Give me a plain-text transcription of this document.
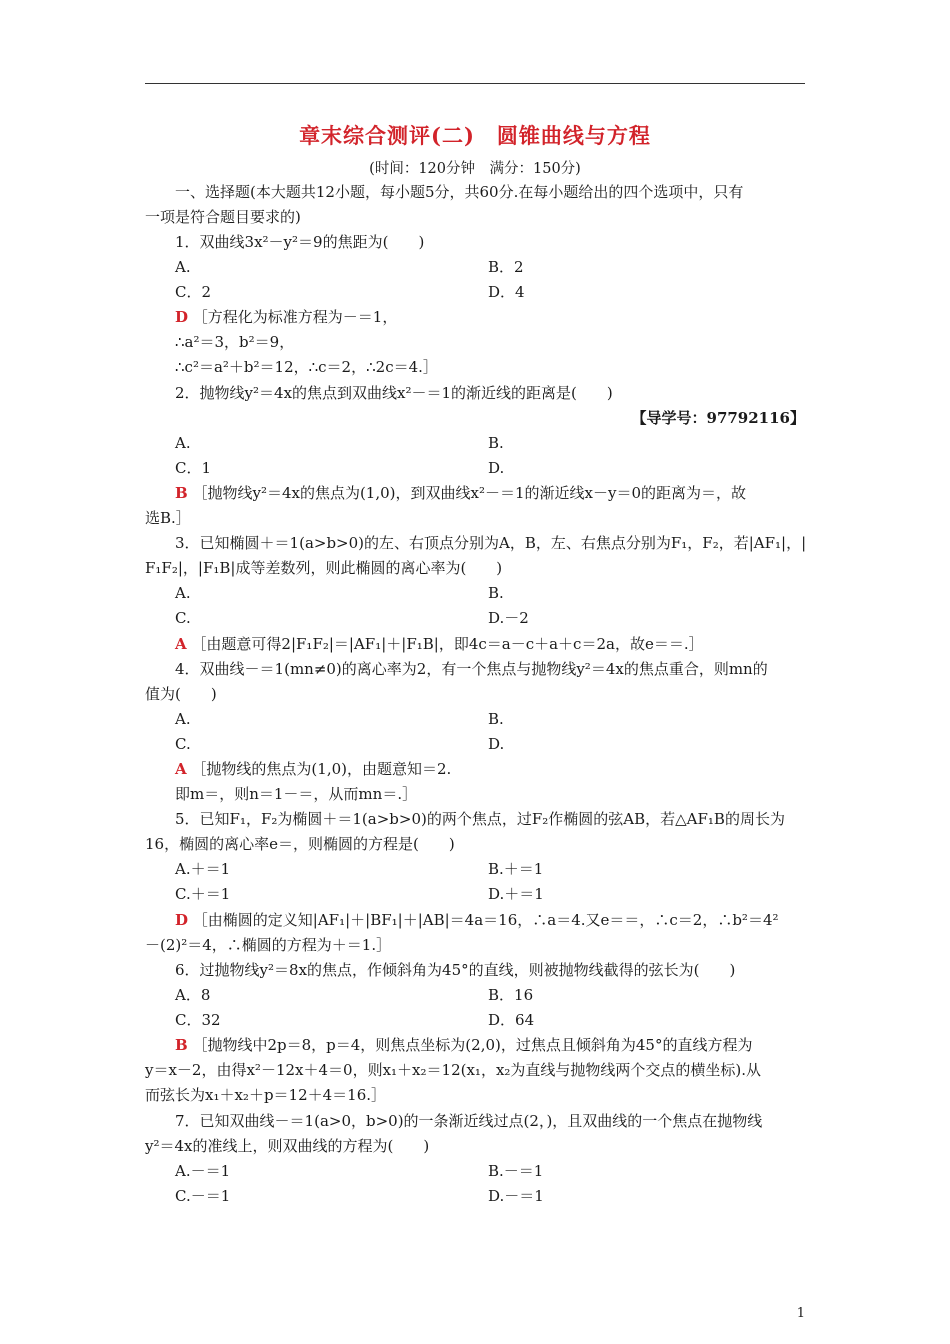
章末综合测评(二)　圆锥曲线与方程
(时间：120分钟　满分：150分)
一、选择题(本大题共12小题，每小题5分，共60分.在每小题给出的四个选项中，只有
一项是符合题目要求的)
1．双曲线3x²－y²＝9的焦距为(　　)
A.	B．2
C．2	D．4
D ［方程化为标准方程为－＝1，
∴a²＝3，b²＝9，
∴c²＝a²＋b²＝12，∴c＝2，∴2c＝4.］
2．抛物线y²＝4x的焦点到双曲线x²－＝1的渐近线的距离是(　　)
【导学号：97792116】
A.	B.
C．1	D.
B ［抛物线y²＝4x的焦点为(1,0)，到双曲线x²－＝1的渐近线x－y＝0的距离为＝，故
选B.］
3．已知椭圆＋＝1(a>b>0)的左、右顶点分别为A，B，左、右焦点分别为F₁，F₂，若|AF₁|，|
F₁F₂|，|F₁B|成等差数列，则此椭圆的离心率为(　　)
A.	B.
C.	D.－2
A ［由题意可得2|F₁F₂|＝|AF₁|＋|F₁B|，即4c＝a－c＋a＋c＝2a，故e＝＝.］
4．双曲线－＝1(mn≠0)的离心率为2，有一个焦点与抛物线y²＝4x的焦点重合，则mn的
值为(　　)
A.	B.
C.	D.
A ［抛物线的焦点为(1,0)，由题意知＝2.
即m＝，则n＝1－＝，从而mn＝.］
5．已知F₁，F₂为椭圆＋＝1(a>b>0)的两个焦点，过F₂作椭圆的弦AB，若△AF₁B的周长为
16，椭圆的离心率e＝，则椭圆的方程是(　　)
A.＋＝1	B.＋＝1
C.＋＝1	D.＋＝1
D ［由椭圆的定义知|AF₁|＋|BF₁|＋|AB|＝4a＝16，∴a＝4.又e＝＝，∴c＝2，∴b²＝4²
－(2)²＝4，∴椭圆的方程为＋＝1.］
6．过抛物线y²＝8x的焦点，作倾斜角为45°的直线，则被抛物线截得的弦长为(　　)
A．8	B．16
C．32	D．64
B ［抛物线中2p＝8，p＝4，则焦点坐标为(2,0)，过焦点且倾斜角为45°的直线方程为
y＝x－2，由得x²－12x＋4＝0，则x₁＋x₂＝12(x₁，x₂为直线与抛物线两个交点的横坐标).从
而弦长为x₁＋x₂＋p＝12＋4＝16.］
7．已知双曲线－＝1(a>0，b>0)的一条渐近线过点(2，)，且双曲线的一个焦点在抛物线
y²＝4x的准线上，则双曲线的方程为(　　)
A.－＝1	B.－＝1
C.－＝1	D.－＝1
1
